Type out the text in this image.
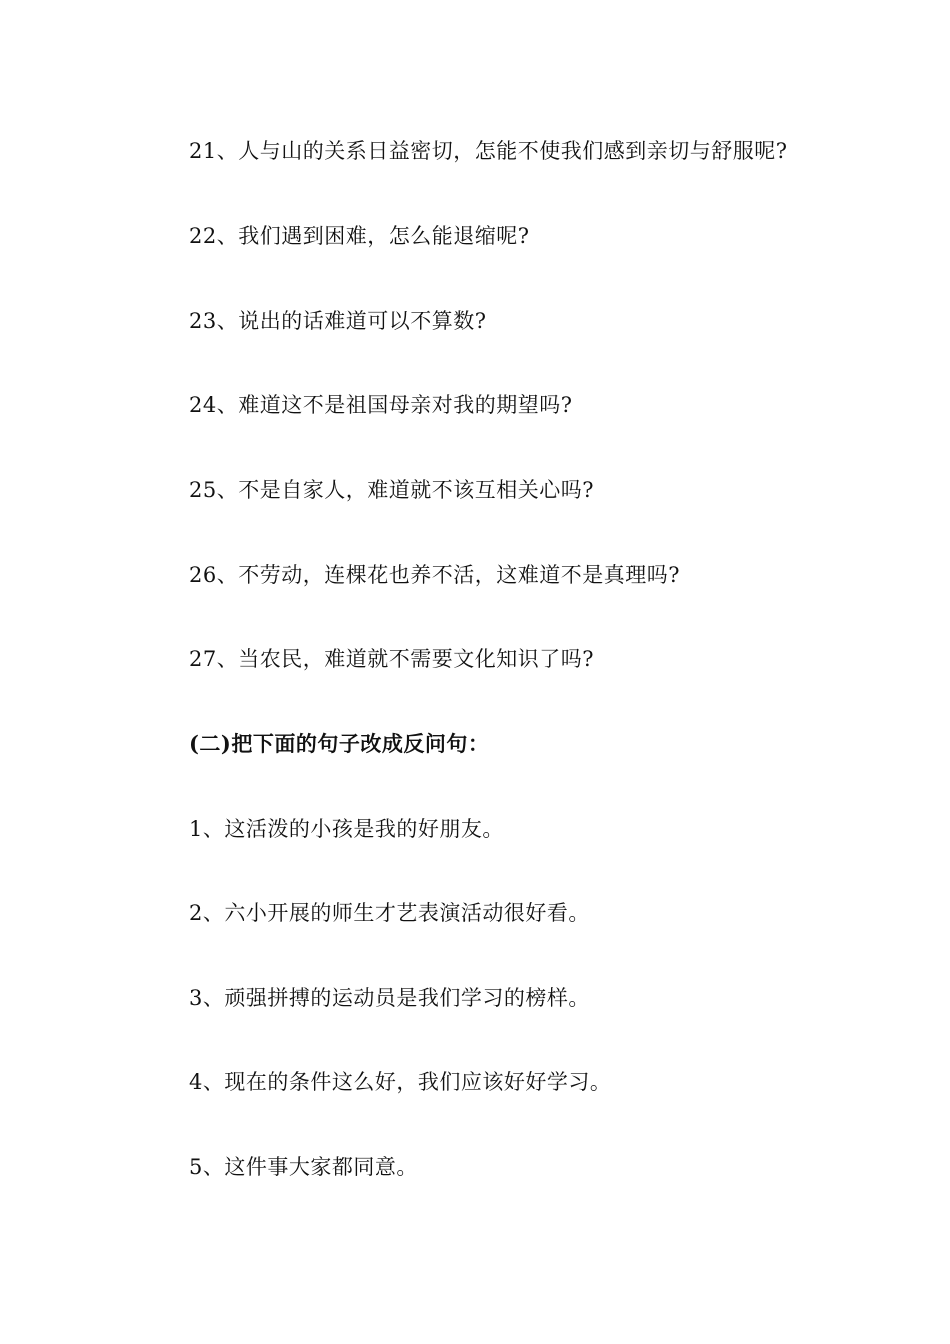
21、人与山的关系日益密切，怎能不使我们感到亲切与舒服呢?
22、我们遇到困难，怎么能退缩呢?
23、说出的话难道可以不算数?
24、难道这不是祖国母亲对我的期望吗?
25、不是自家人，难道就不该互相关心吗?
26、不劳动，连棵花也养不活，这难道不是真理吗?
27、当农民，难道就不需要文化知识了吗?
(二)把下面的句子改成反问句：
1、这活泼的小孩是我的好朋友。
2、六小开展的师生才艺表演活动很好看。
3、顽强拼搏的运动员是我们学习的榜样。
4、现在的条件这么好，我们应该好好学习。
5、这件事大家都同意。
